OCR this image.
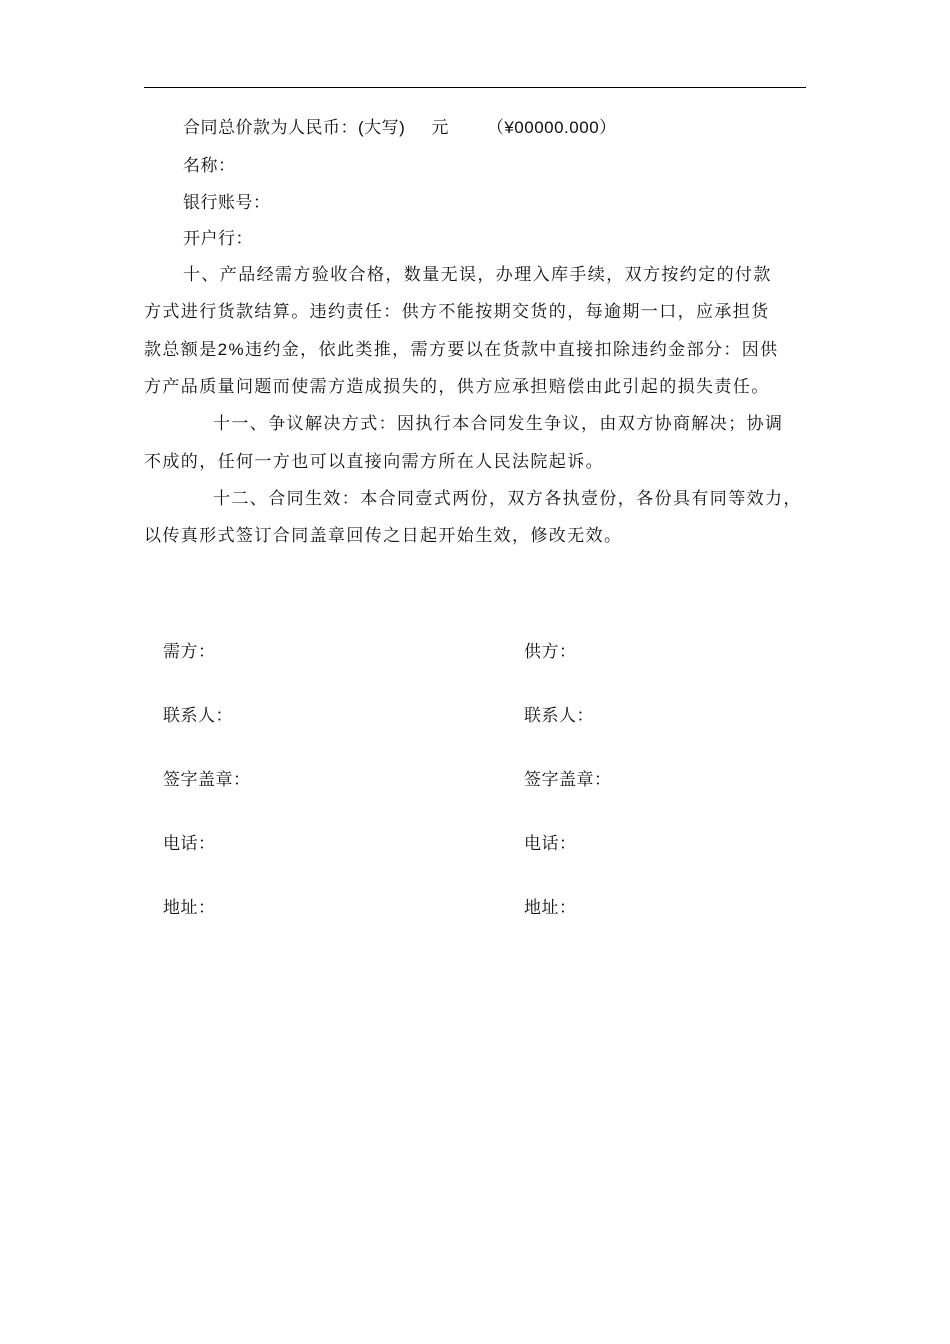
合同总价款为人民币：(大写) 元 （¥00000.000）
名称：
银行账号：
开户行：
十、产品经需方验收合格，数量无误，办理入库手续，双方按约定的付款
方式进行货款结算。违约责任：供方不能按期交货的，每逾期一口，应承担货
款总额是2%违约金，依此类推，需方要以在货款中直接扣除违约金部分：因供
方产品质量问题而使需方造成损失的，供方应承担赔偿由此引起的损失责任。
十一、争议解决方式：因执行本合同发生争议，由双方协商解决；协调
不成的，任何一方也可以直接向需方所在人民法院起诉。
十二、合同生效：本合同壹式两份，双方各执壹份，各份具有同等效力，
以传真形式签订合同盖章回传之日起开始生效，修改无效。
需方：
联系人：
签字盖章：
电话：
地址：
供方：
联系人：
签字盖章：
电话：
地址：
